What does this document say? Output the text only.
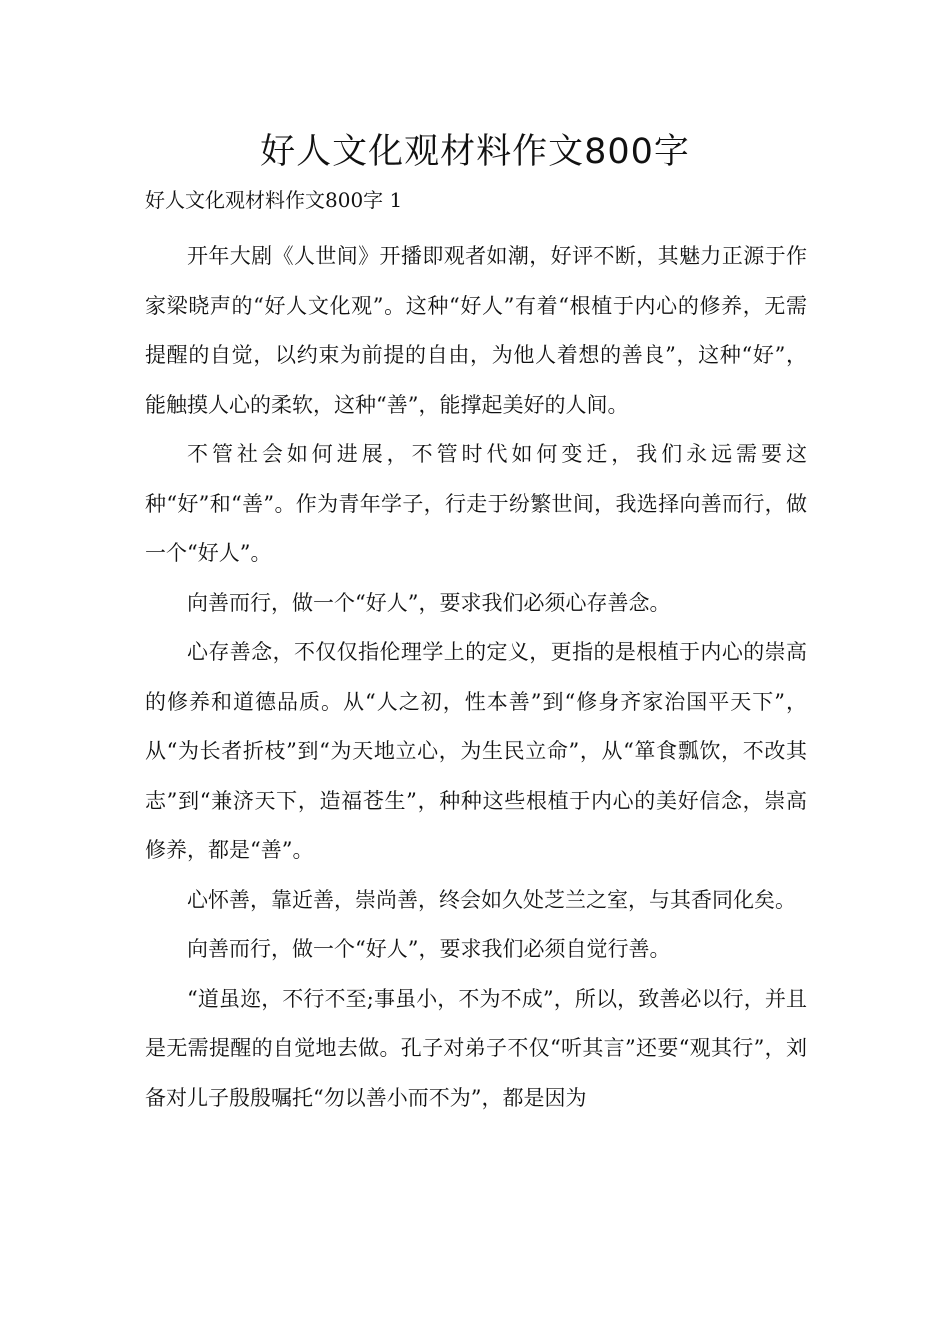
好人文化观材料作文800字
好人文化观材料作文800字 1

开年大剧《人世间》开播即观者如潮，好评不断，其魅力正源于作家梁晓声的“好人文化观”。这种“好人”有着“根植于内心的修养，无需提醒的自觉，以约束为前提的自由，为他人着想的善良”，这种“好”，能触摸人心的柔软，这种“善”，能撑起美好的人间。

不管社会如何进展，不管时代如何变迁，我们永远需要这种“好”和“善”。作为青年学子，行走于纷繁世间，我选择向善而行，做一个“好人”。

向善而行，做一个“好人”，要求我们必须心存善念。

心存善念，不仅仅指伦理学上的定义，更指的是根植于内心的崇高的修养和道德品质。从“人之初，性本善”到“修身齐家治国平天下”，从“为长者折枝”到“为天地立心，为生民立命”，从“箪食瓢饮，不改其志”到“兼济天下，造福苍生”，种种这些根植于内心的美好信念，崇高修养，都是“善”。

心怀善，靠近善，崇尚善，终会如久处芝兰之室，与其香同化矣。

向善而行，做一个“好人”，要求我们必须自觉行善。

“道虽迩，不行不至;事虽小，不为不成”，所以，致善必以行，并且是无需提醒的自觉地去做。孔子对弟子不仅“听其言”还要“观其行”，刘备对儿子殷殷嘱托“勿以善小而不为”，都是因为
